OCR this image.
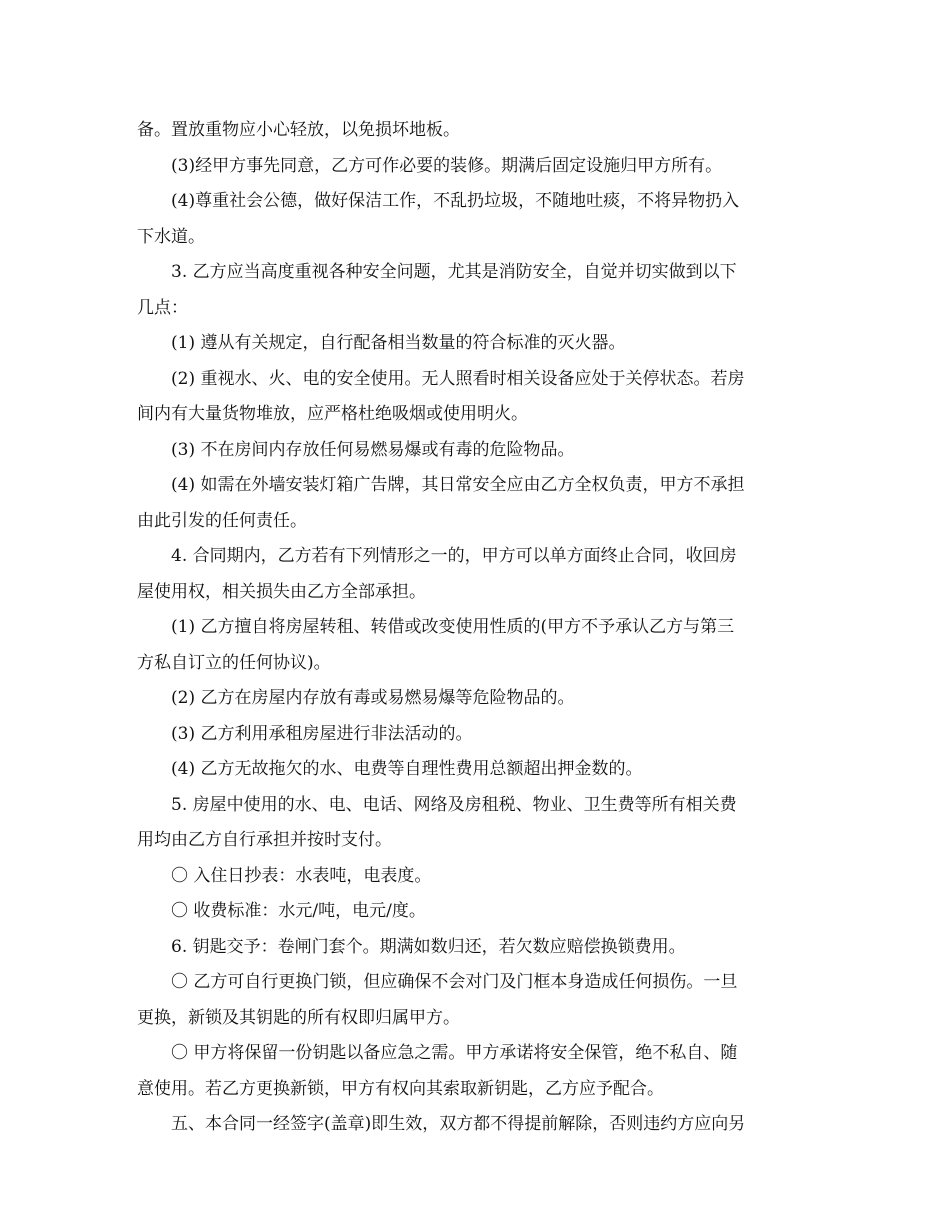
备。置放重物应小心轻放，以免损坏地板。
(3)经甲方事先同意，乙方可作必要的装修。期满后固定设施归甲方所有。
(4)尊重社会公德，做好保洁工作，不乱扔垃圾，不随地吐痰，不将异物扔入
下水道。
3. 乙方应当高度重视各种安全问题，尤其是消防安全，自觉并切实做到以下
几点：
(1) 遵从有关规定，自行配备相当数量的符合标准的灭火器。
(2) 重视水、火、电的安全使用。无人照看时相关设备应处于关停状态。若房
间内有大量货物堆放，应严格杜绝吸烟或使用明火。
(3) 不在房间内存放任何易燃易爆或有毒的危险物品。
(4) 如需在外墙安装灯箱广告牌，其日常安全应由乙方全权负责，甲方不承担
由此引发的任何责任。
4. 合同期内，乙方若有下列情形之一的，甲方可以单方面终止合同，收回房
屋使用权，相关损失由乙方全部承担。
(1) 乙方擅自将房屋转租、转借或改变使用性质的(甲方不予承认乙方与第三
方私自订立的任何协议)。
(2) 乙方在房屋内存放有毒或易燃易爆等危险物品的。
(3) 乙方利用承租房屋进行非法活动的。
(4) 乙方无故拖欠的水、电费等自理性费用总额超出押金数的。
5. 房屋中使用的水、电、电话、网络及房租税、物业、卫生费等所有相关费
用均由乙方自行承担并按时支付。
〇 入住日抄表：水表吨，电表度。
〇 收费标准：水元/吨，电元/度。
6. 钥匙交予：卷闸门套个。期满如数归还，若欠数应赔偿换锁费用。
〇 乙方可自行更换门锁，但应确保不会对门及门框本身造成任何损伤。一旦
更换，新锁及其钥匙的所有权即归属甲方。
〇 甲方将保留一份钥匙以备应急之需。甲方承诺将安全保管，绝不私自、随
意使用。若乙方更换新锁，甲方有权向其索取新钥匙，乙方应予配合。
五、本合同一经签字(盖章)即生效，双方都不得提前解除，否则违约方应向另
